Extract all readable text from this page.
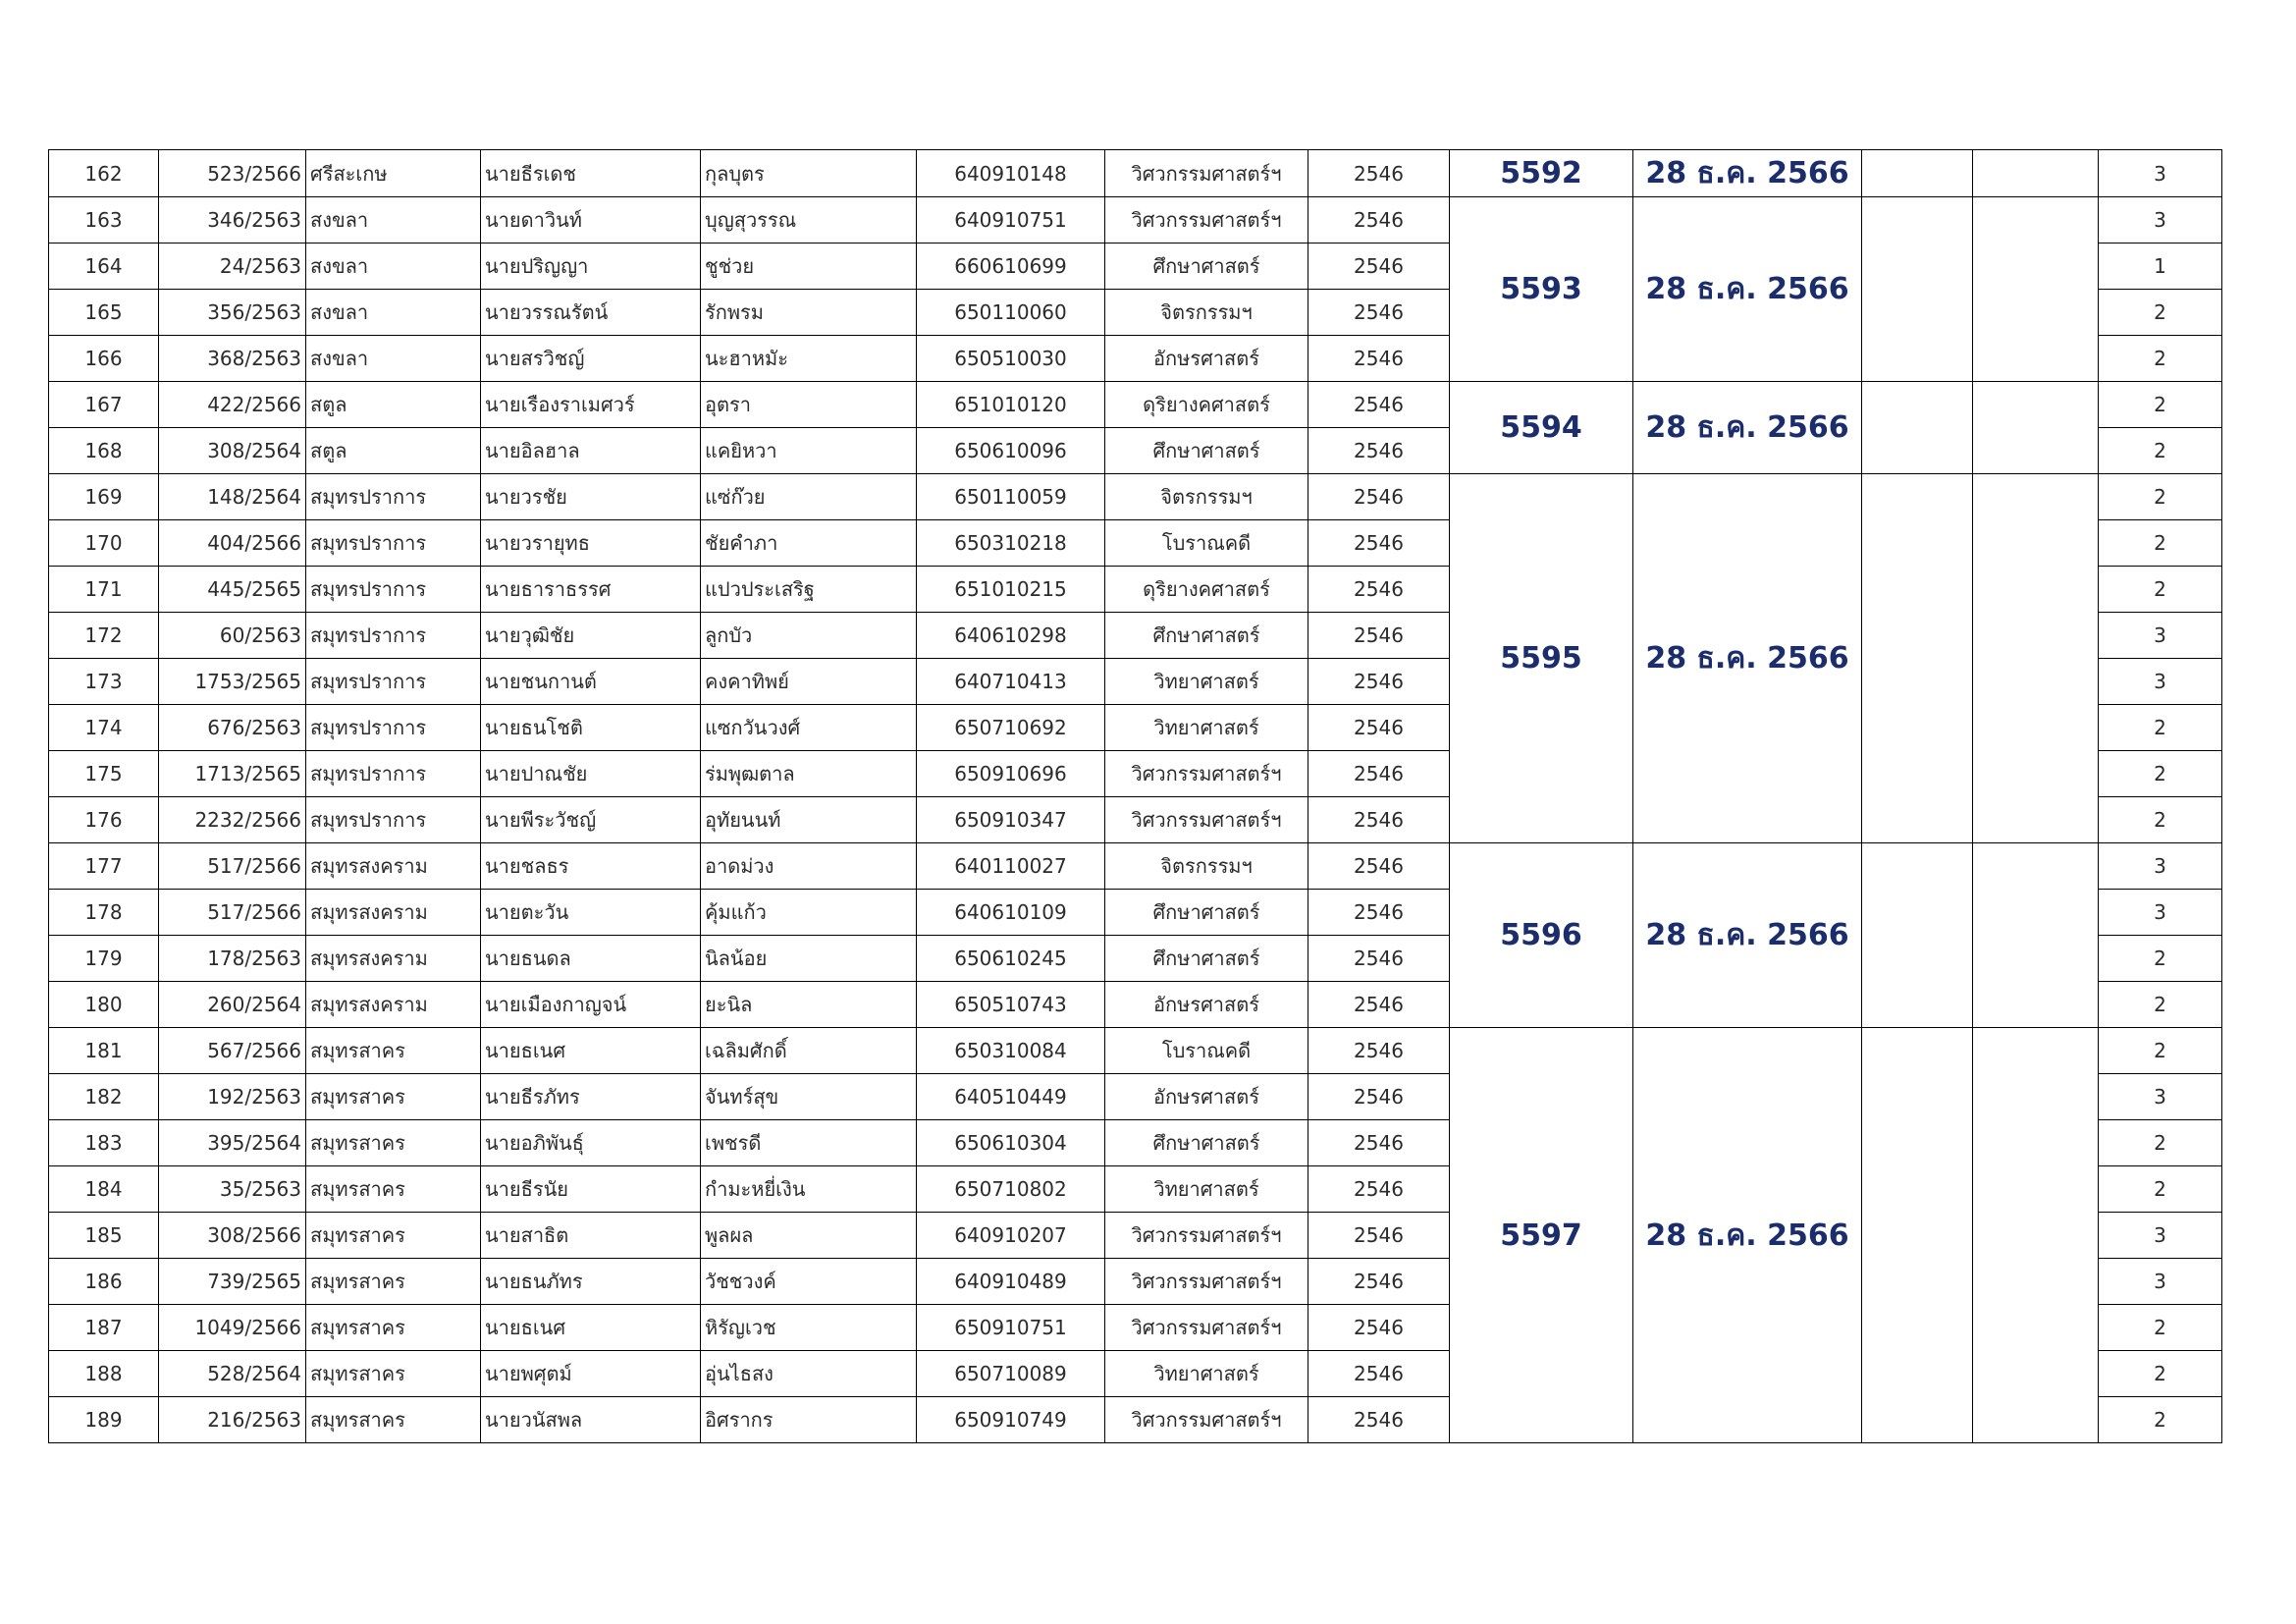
162	523/2566	ศรีสะเกษ	นายธีรเดช	กุลบุตร	640910148	วิศวกรรมศาสตร์ฯ	2546	5592	28 ธ.ค. 2566			3
163	346/2563	สงขลา	นายดาวินท์	บุญสุวรรณ	640910751	วิศวกรรมศาสตร์ฯ	2546	5593	28 ธ.ค. 2566			3
164	24/2563	สงขลา	นายปริญญา	ชูช่วย	660610699	ศึกษาศาสตร์	2546					1
165	356/2563	สงขลา	นายวรรณรัตน์	รักพรม	650110060	จิตรกรรมฯ	2546					2
166	368/2563	สงขลา	นายสรวิชญ์	นะฮาหมัะ	650510030	อักษรศาสตร์	2546					2
167	422/2566	สตูล	นายเรืองราเมศวร์	อุตรา	651010120	ดุริยางคศาสตร์	2546	5594	28 ธ.ค. 2566			2
168	308/2564	สตูล	นายอิลฮาล	แคยิหวา	650610096	ศึกษาศาสตร์	2546					2
169	148/2564	สมุทรปราการ	นายวรชัย	แซ่ก๊วย	650110059	จิตรกรรมฯ	2546	5595	28 ธ.ค. 2566			2
170	404/2566	สมุทรปราการ	นายวรายุทธ	ชัยคำภา	650310218	โบราณคดี	2546					2
171	445/2565	สมุทรปราการ	นายธาราธรรศ	แปวประเสริฐ	651010215	ดุริยางคศาสตร์	2546					2
172	60/2563	สมุทรปราการ	นายวุฒิชัย	ลูกบัว	640610298	ศึกษาศาสตร์	2546					3
173	1753/2565	สมุทรปราการ	นายชนกานต์	คงคาทิพย์	640710413	วิทยาศาสตร์	2546					3
174	676/2563	สมุทรปราการ	นายธนโชติ	แซกวันวงศ์	650710692	วิทยาศาสตร์	2546					2
175	1713/2565	สมุทรปราการ	นายปาณชัย	ร่มพุฒตาล	650910696	วิศวกรรมศาสตร์ฯ	2546					2
176	2232/2566	สมุทรปราการ	นายพีระวัชญ์	อุทัยนนท์	650910347	วิศวกรรมศาสตร์ฯ	2546					2
177	517/2566	สมุทรสงคราม	นายชลธร	อาดม่วง	640110027	จิตรกรรมฯ	2546	5596	28 ธ.ค. 2566			3
178	517/2566	สมุทรสงคราม	นายตะวัน	คุ้มแก้ว	640610109	ศึกษาศาสตร์	2546					3
179	178/2563	สมุทรสงคราม	นายธนดล	นิลน้อย	650610245	ศึกษาศาสตร์	2546					2
180	260/2564	สมุทรสงคราม	นายเมืองกาญจน์	ยะนิล	650510743	อักษรศาสตร์	2546					2
181	567/2566	สมุทรสาคร	นายธเนศ	เฉลิมศักดิ์	650310084	โบราณคดี	2546	5597	28 ธ.ค. 2566			2
182	192/2563	สมุทรสาคร	นายธีรภัทร	จันทร์สุข	640510449	อักษรศาสตร์	2546					3
183	395/2564	สมุทรสาคร	นายอภิพันธุ์	เพชรดี	650610304	ศึกษาศาสตร์	2546					2
184	35/2563	สมุทรสาคร	นายธีรนัย	กำมะหยี่เงิน	650710802	วิทยาศาสตร์	2546					2
185	308/2566	สมุทรสาคร	นายสาธิต	พูลผล	640910207	วิศวกรรมศาสตร์ฯ	2546					3
186	739/2565	สมุทรสาคร	นายธนภัทร	วัชชวงค์	640910489	วิศวกรรมศาสตร์ฯ	2546					3
187	1049/2566	สมุทรสาคร	นายธเนศ	หิรัญเวช	650910751	วิศวกรรมศาสตร์ฯ	2546					2
188	528/2564	สมุทรสาคร	นายพศุตม์	อุ่นไธสง	650710089	วิทยาศาสตร์	2546					2
189	216/2563	สมุทรสาคร	นายวนัสพล	อิศรากร	650910749	วิศวกรรมศาสตร์ฯ	2546					2
